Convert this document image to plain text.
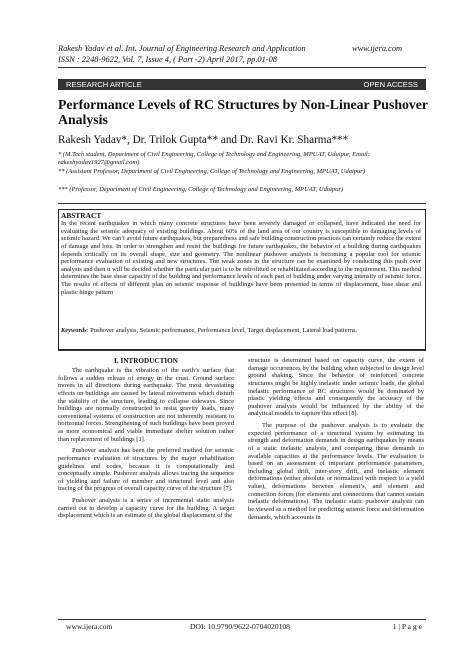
Rakesh Yadav et al. Int. Journal of Engineering Research and Application	www.ijera.com
ISSN : 2248-9622, Vol. 7, Issue 4, ( Part -2) April 2017, pp.01-08
RESEARCH ARTICLE	OPEN ACCESS
Performance Levels of RC Structures by Non-Linear Pushover Analysis
Rakesh Yadav*, Dr. Trilok Gupta** and Dr. Ravi Kr. Sharma***
* (M.Tech student, Department of Civil Engineering, College of Technology and Engineering, MPUAT, Udaipur, Email: rakeshyadav1927@gmail.com)
** (Assistant Professor, Department of Civil Engineering, College of Technology and Engineering, MPUAT, Udaipur)
*** (Professor, Department of Civil Engineering, College of Technology and Engineering, MPUAT, Udaipur)
ABSTRACT
In the recent earthquakes in which many concrete structures have been severely damaged or collapsed, have indicated the need for evaluating the seismic adequacy of existing buildings. About 60% of the land area of our country is susceptible to damaging levels of seismic hazard. We can’t avoid future earthquakes, but preparedness and safe building construction practices can certainly reduce the extent of damage and loss. In order to strengthen and resist the buildings for future earthquakes, the behavior of a building during earthquakes depends critically on its overall shape, size and geometry. The nonlinear pushover analysis is becoming a popular tool for seismic performance evaluation of existing and new structures. The weak zones in the structure can be examined by conducting this push over analysis and then it will be decided whether the particular part is to be retrofitted or rehabilitated according to the requirement. This method determines the base shear capacity of the building and performance levels of each part of building under varying intensity of seismic force. The results of effects of different plan on seismic response of buildings have been presented in terms of displacement, base shear and plastic hinge pattern
Keywords: Pushover analysis, Seismic performance, Performance level, Target displacement, Lateral load patterns.
I. INTRODUCTION

The earthquake is the vibration of the earth’s surface that follows a sudden release of energy in the crust. Ground surface moves in all directions during earthquake. The most devastating effects on buildings are caused by lateral movements which disturb the stability of the structure, leading to collapse sideways. Since buildings are normally constructed to resist gravity loads, many conventional systems of construction are not inherently resistant to horizontal forces. Strengthening of such buildings have been proved as more economical and viable immediate shelter solution rather than replacement of buildings [1].

Pushover analysis has been the preferred method for seismic performance evaluation of structures by the major rehabilitation guidelines and codes, because it is computationally and conceptually simple. Pushover analysis allows tracing the sequence of yielding and failure of member and structural level and also tracing of the progress of overall capacity curve of the structure [7].

Pushover analysis is a series of incremental static analysis carried out to develop a capacity curve for the building. A target displacement which is an estimate of the global displacement of the

structure is determined based on capacity curve, the extent of damage occurrences by the building when subjected to design level ground shaking. Since the behavior of reinforced concrete structures might be highly inelastic under seismic loads, the global inelastic performance of RC structures would be dominated by plastic yielding effects and consequently the accuracy of the pushover analysis would be influenced by the ability of the analytical models to capture this effect [8].

The purpose of the pushover analysis is to evaluate the expected performance of a structural system by estimating its strength and deformation demands in design earthquakes by means of a static inelastic analysis, and comparing these demands to available capacities at the performance levels. The evaluation is based on an assessment of important performance parameters, including global drift, inter-story drift, and inelastic element deformations (either absolute or normalized with respect to a yield value), deformations between element’s, and element and connection forces (for elements and connections that cannot sustain inelastic deformations). The inelastic static pushover analysis can be viewed as a method for predicting seismic force and deformation demands, which accounts in

www.ijera.com	DOI: 10.9790/9622-0704020108	1 | P a g e
